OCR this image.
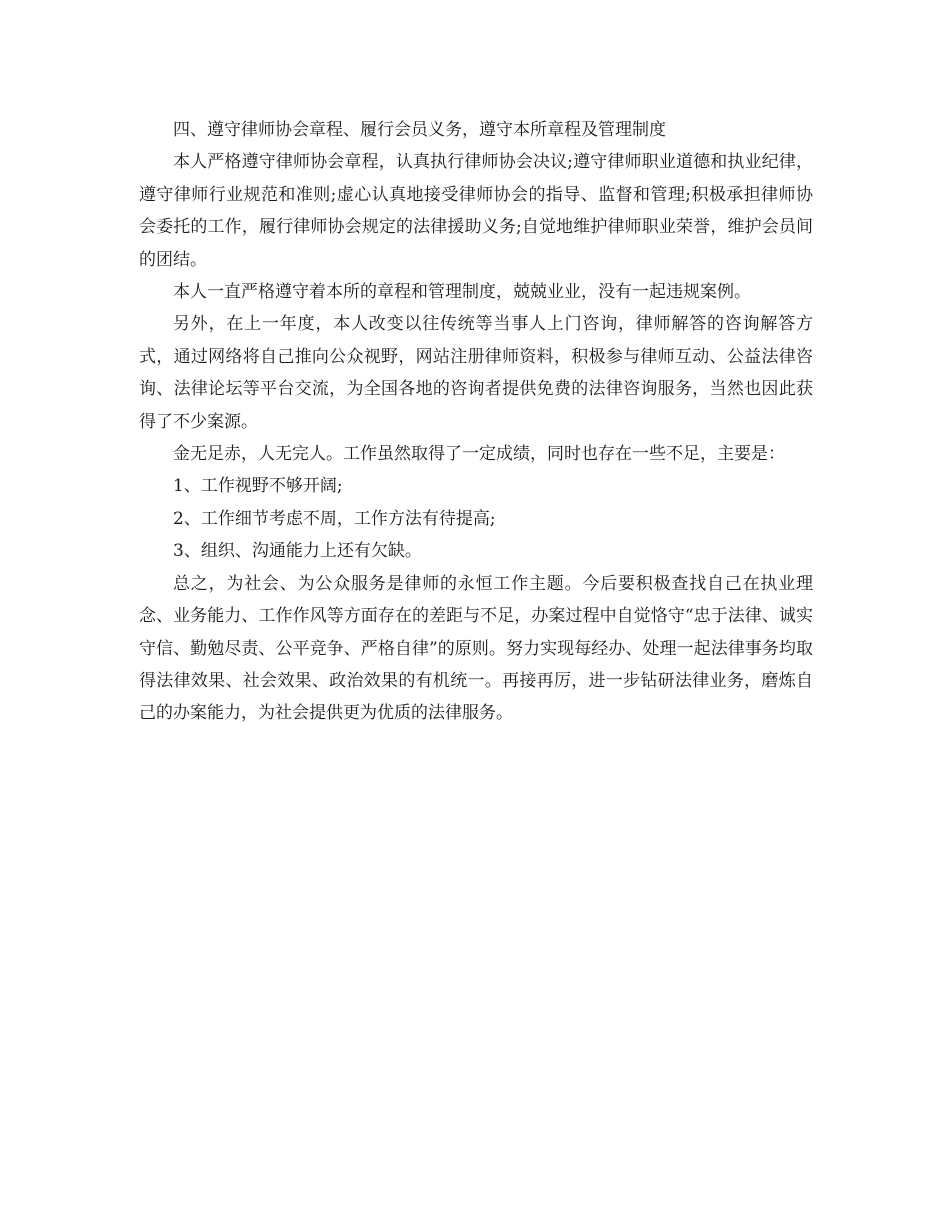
四、遵守律师协会章程、履行会员义务，遵守本所章程及管理制度

本人严格遵守律师协会章程，认真执行律师协会决议;遵守律师职业道德和执业纪律，遵守律师行业规范和准则;虚心认真地接受律师协会的指导、监督和管理;积极承担律师协会委托的工作，履行律师协会规定的法律援助义务;自觉地维护律师职业荣誉，维护会员间的团结。

本人一直严格遵守着本所的章程和管理制度，兢兢业业，没有一起违规案例。

另外，在上一年度，本人改变以往传统等当事人上门咨询，律师解答的咨询解答方式，通过网络将自己推向公众视野，网站注册律师资料，积极参与律师互动、公益法律咨询、法律论坛等平台交流，为全国各地的咨询者提供免费的法律咨询服务，当然也因此获得了不少案源。

金无足赤，人无完人。工作虽然取得了一定成绩，同时也存在一些不足，主要是：

1、工作视野不够开阔;

2、工作细节考虑不周，工作方法有待提高;

3、组织、沟通能力上还有欠缺。

总之，为社会、为公众服务是律师的永恒工作主题。今后要积极查找自己在执业理念、业务能力、工作作风等方面存在的差距与不足，办案过程中自觉恪守“忠于法律、诚实守信、勤勉尽责、公平竞争、严格自律”的原则。努力实现每经办、处理一起法律事务均取得法律效果、社会效果、政治效果的有机统一。再接再厉，进一步钻研法律业务，磨炼自己的办案能力，为社会提供更为优质的法律服务。
